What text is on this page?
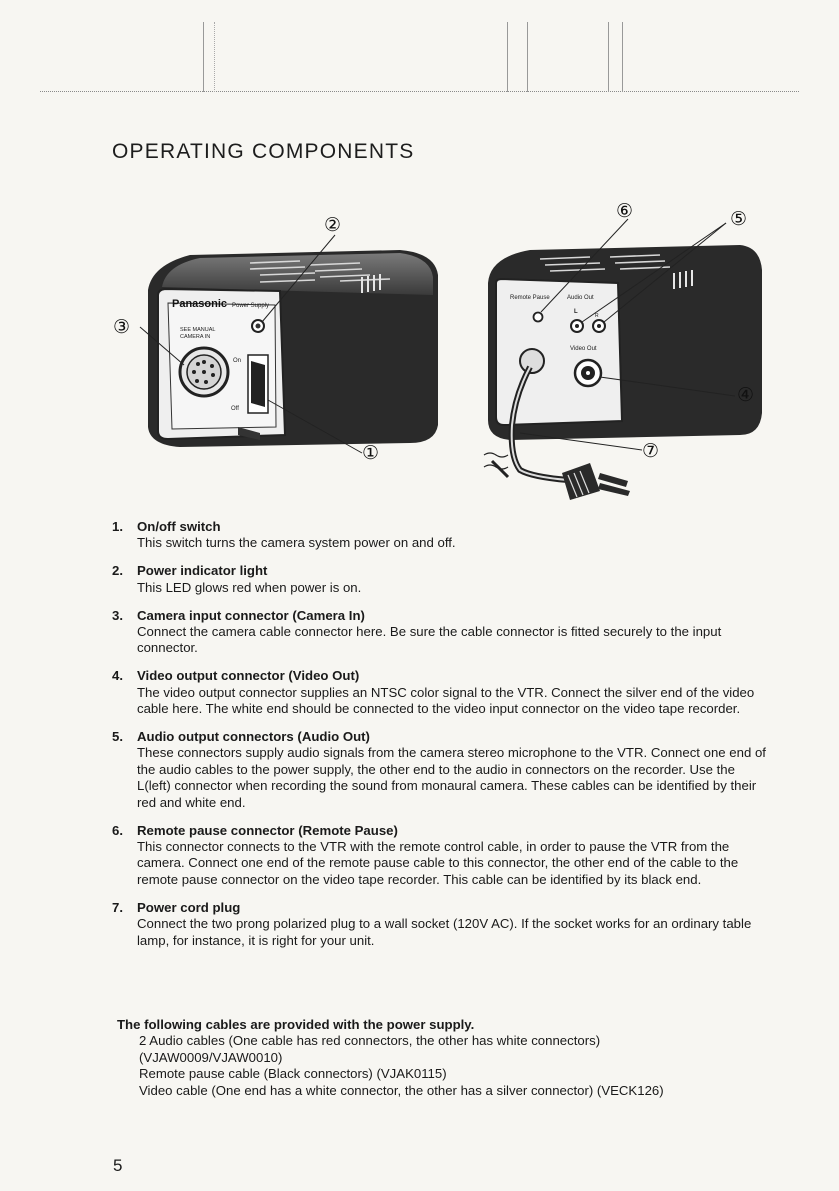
OPERATING COMPONENTS
Panasonic Power Supply
SEE MANUAL
CAMERA IN
On
Off
Remote Pause	Audio Out
L
R
Video Out
②
③
①
⑥	⑤
④
⑦
1. On/off switch
This switch turns the camera system power on and off.
2. Power indicator light
This LED glows red when power is on.
3. Camera input connector (Camera In)
Connect the camera cable connector here. Be sure the cable connector is fitted securely to the input connector.
4. Video output connector (Video Out)
The video output connector supplies an NTSC color signal to the VTR. Connect the silver end of the video cable here. The white end should be connected to the video input connector on the video tape recorder.
5. Audio output connectors (Audio Out)
These connectors supply audio signals from the camera stereo microphone to the VTR. Connect one end of the audio cables to the power supply, the other end to the audio in connectors on the recorder. Use the L(left) connector when recording the sound from monaural camera. These cables can be identified by their red and white end.
6. Remote pause connector (Remote Pause)
This connector connects to the VTR with the remote control cable, in order to pause the VTR from the camera. Connect one end of the remote pause cable to this connector, the other end of the cable to the remote pause connector on the video tape recorder. This cable can be identified by its black end.
7. Power cord plug
Connect the two prong polarized plug to a wall socket (120V AC). If the socket works for an ordinary table lamp, for instance, it is right for your unit.
The following cables are provided with the power supply.
2 Audio cables (One cable has red connectors, the other has white connectors)
(VJAW0009/VJAW0010)
Remote pause cable (Black connectors) (VJAK0115)
Video cable (One end has a white connector, the other has a silver connector) (VECK126)
5
